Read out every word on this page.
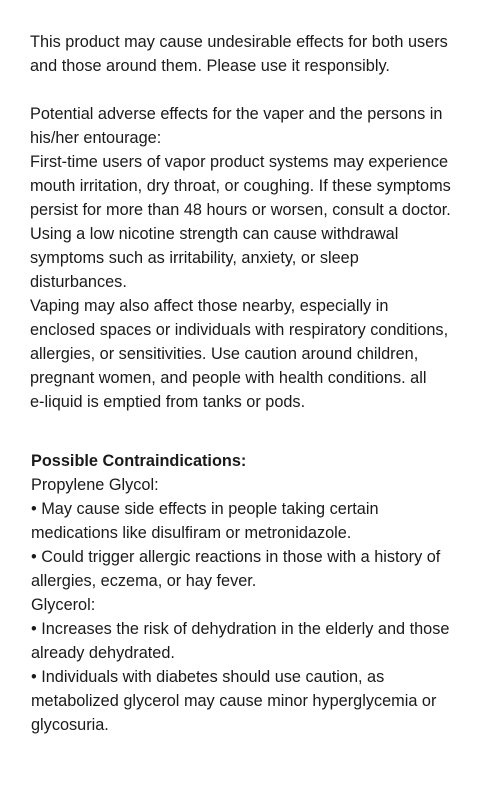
This product may cause undesirable effects for both users
and those around them. Please use it responsibly.

Potential adverse effects for the vaper and the persons in
his/her entourage:
First-time users of vapor product systems may experience
mouth irritation, dry throat, or coughing. If these symptoms
persist for more than 48 hours or worsen, consult a doctor.
Using a low nicotine strength can cause withdrawal
symptoms such as irritability, anxiety, or sleep
disturbances.
Vaping may also affect those nearby, especially in
enclosed spaces or individuals with respiratory conditions,
allergies, or sensitivities. Use caution around children,
pregnant women, and people with health conditions. all
e-liquid is emptied from tanks or pods.

Possible Contraindications:

Propylene Glycol:
• May cause side effects in people taking certain
medications like disulfiram or metronidazole.
• Could trigger allergic reactions in those with a history of
allergies, eczema, or hay fever.
Glycerol:
• Increases the risk of dehydration in the elderly and those
already dehydrated.
• Individuals with diabetes should use caution, as
metabolized glycerol may cause minor hyperglycemia or
glycosuria.
